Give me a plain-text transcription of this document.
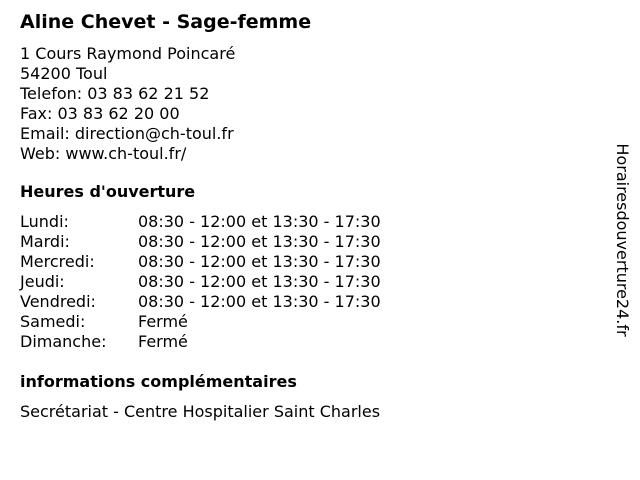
Aline Chevet - Sage-femme
1 Cours Raymond Poincaré
54200 Toul
Telefon: 03 83 62 21 52
Fax: 03 83 62 20 00
Email: direction@ch-toul.fr
Web: www.ch-toul.fr/
Heures d'ouverture
Lundi:	08:30 - 12:00 et 13:30 - 17:30
Mardi:	08:30 - 12:00 et 13:30 - 17:30
Mercredi:	08:30 - 12:00 et 13:30 - 17:30
Jeudi:	08:30 - 12:00 et 13:30 - 17:30
Vendredi:	08:30 - 12:00 et 13:30 - 17:30
Samedi:	Fermé
Dimanche:	Fermé
informations complémentaires
Secrétariat - Centre Hospitalier Saint Charles
Horairesdouverture24.fr
